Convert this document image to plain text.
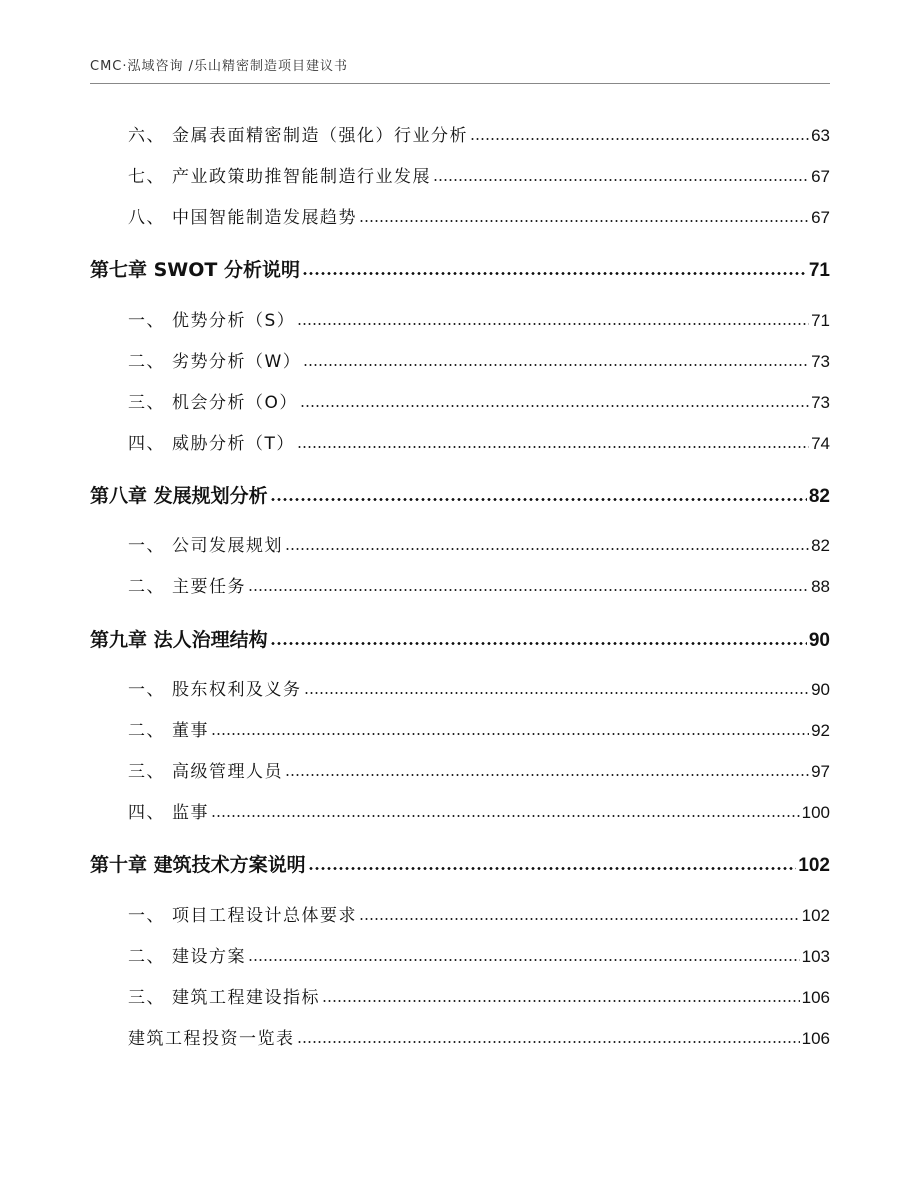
CMC·泓域咨询 /乐山精密制造项目建议书
六、 金属表面精密制造（强化）行业分析	63
七、 产业政策助推智能制造行业发展	67
八、 中国智能制造发展趋势	67
第七章 SWOT 分析说明	71
一、 优势分析（S）	71
二、 劣势分析（W）	73
三、 机会分析（O）	73
四、 威胁分析（T）	74
第八章 发展规划分析	82
一、 公司发展规划	82
二、 主要任务	88
第九章 法人治理结构	90
一、 股东权利及义务	90
二、 董事	92
三、 高级管理人员	97
四、 监事	100
第十章 建筑技术方案说明	102
一、 项目工程设计总体要求	102
二、 建设方案	103
三、 建筑工程建设指标	106
建筑工程投资一览表	106
